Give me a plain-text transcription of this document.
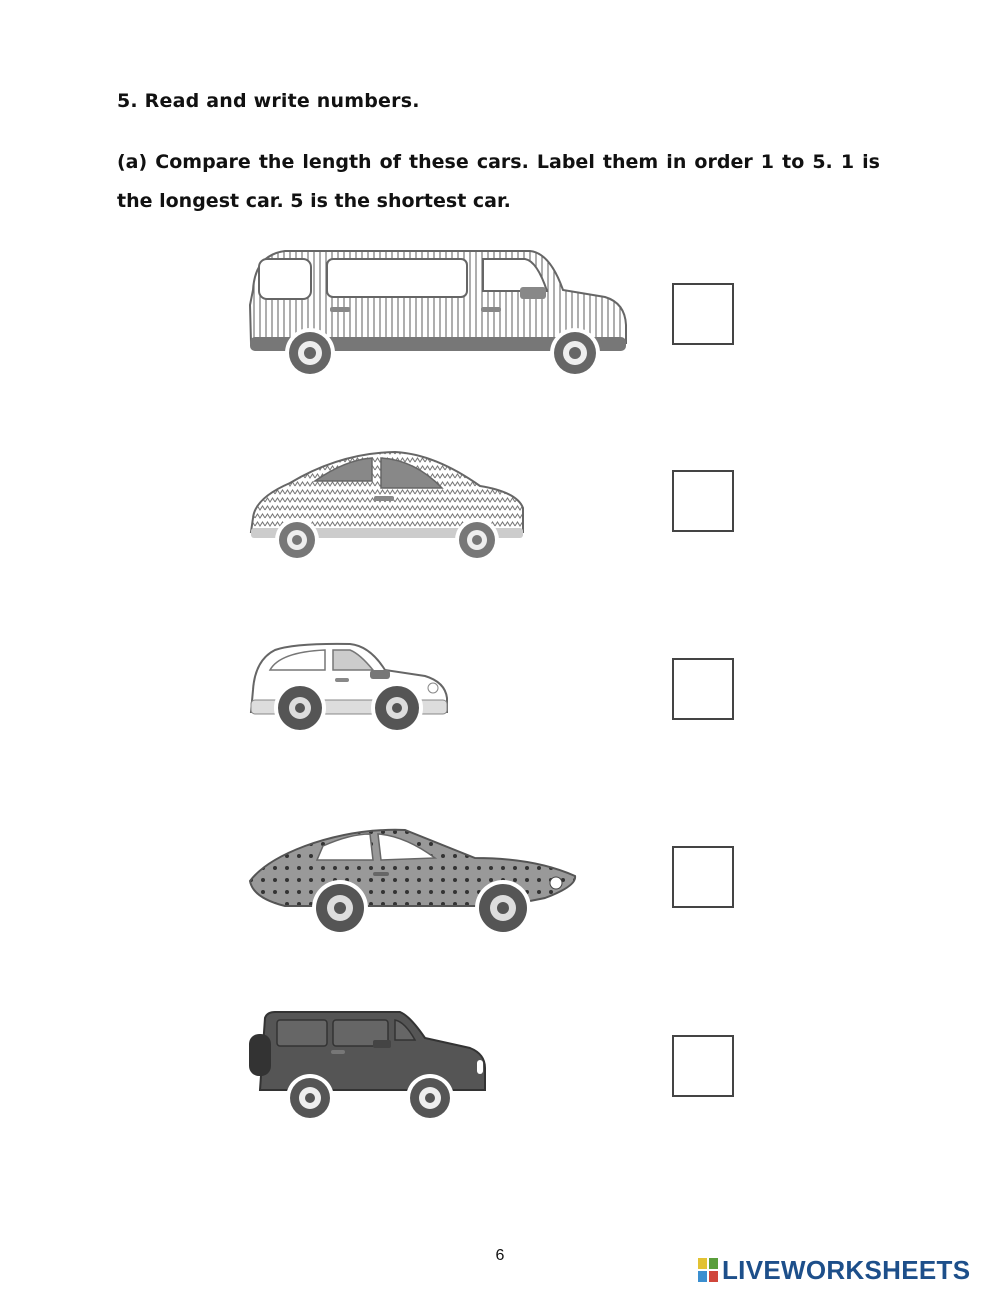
5. Read and write numbers.
(a) Compare the length of these cars. Label them in order 1 to 5. 1 is the longest car. 5 is the shortest car.
6	LIVEWORKSHEETS
